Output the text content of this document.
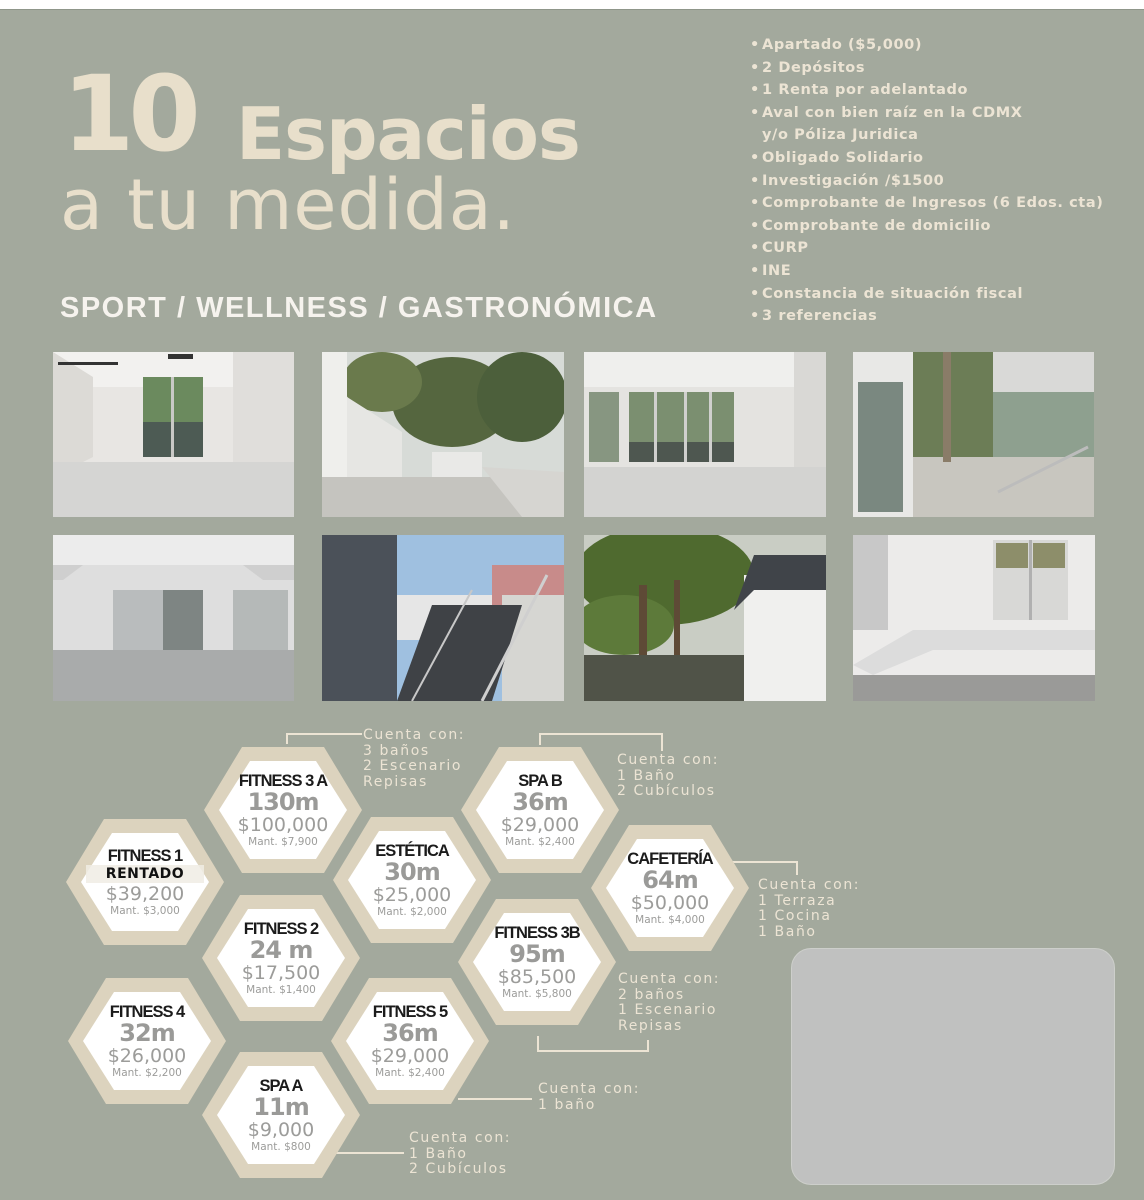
10 Espacios
a tu medida.
SPORT / WELLNESS / GASTRONÓMICA
• Apartado ($5,000)
• 2 Depósitos
• 1 Renta por adelantado
• Aval con bien raíz en la CDMX
y/o Póliza Juridica
• Obligado Solidario
• Investigación /$1500
• Comprobante de Ingresos (6 Edos. cta)
• Comprobante de domicilio
• CURP
• INE
• Constancia de situación fiscal
• 3 referencias
FITNESS 1
RENTADO
$39,200
Mant. $3,000
FITNESS 3 A
130m
$100,000
Mant. $7,900	ESTÉTICA
30m
$25,000
Mant. $2,000
FITNESS 2
24 m
$17,500
Mant. $1,400
FITNESS 4
32m
$26,000
Mant. $2,200
SPA A
11m
$9,000
Mant. $800
FITNESS 5
36m
$29,000
Mant. $2,400
SPA B
36m
$29,000
Mant. $2,400
CAFETERÍA
64m
$50,000
Mant. $4,000
FITNESS 3B
95m
$85,500
Mant. $5,800
Cuenta con:
3 baños
2 Escenario
Repisas
Cuenta con:
1 Baño
2 Cubículos
Cuenta con:
1 Terraza
1 Cocina
1 Baño
Cuenta con:
2 baños
1 Escenario
Repisas
Cuenta con:
1 baño
Cuenta con:
1 Baño
2 Cubículos
